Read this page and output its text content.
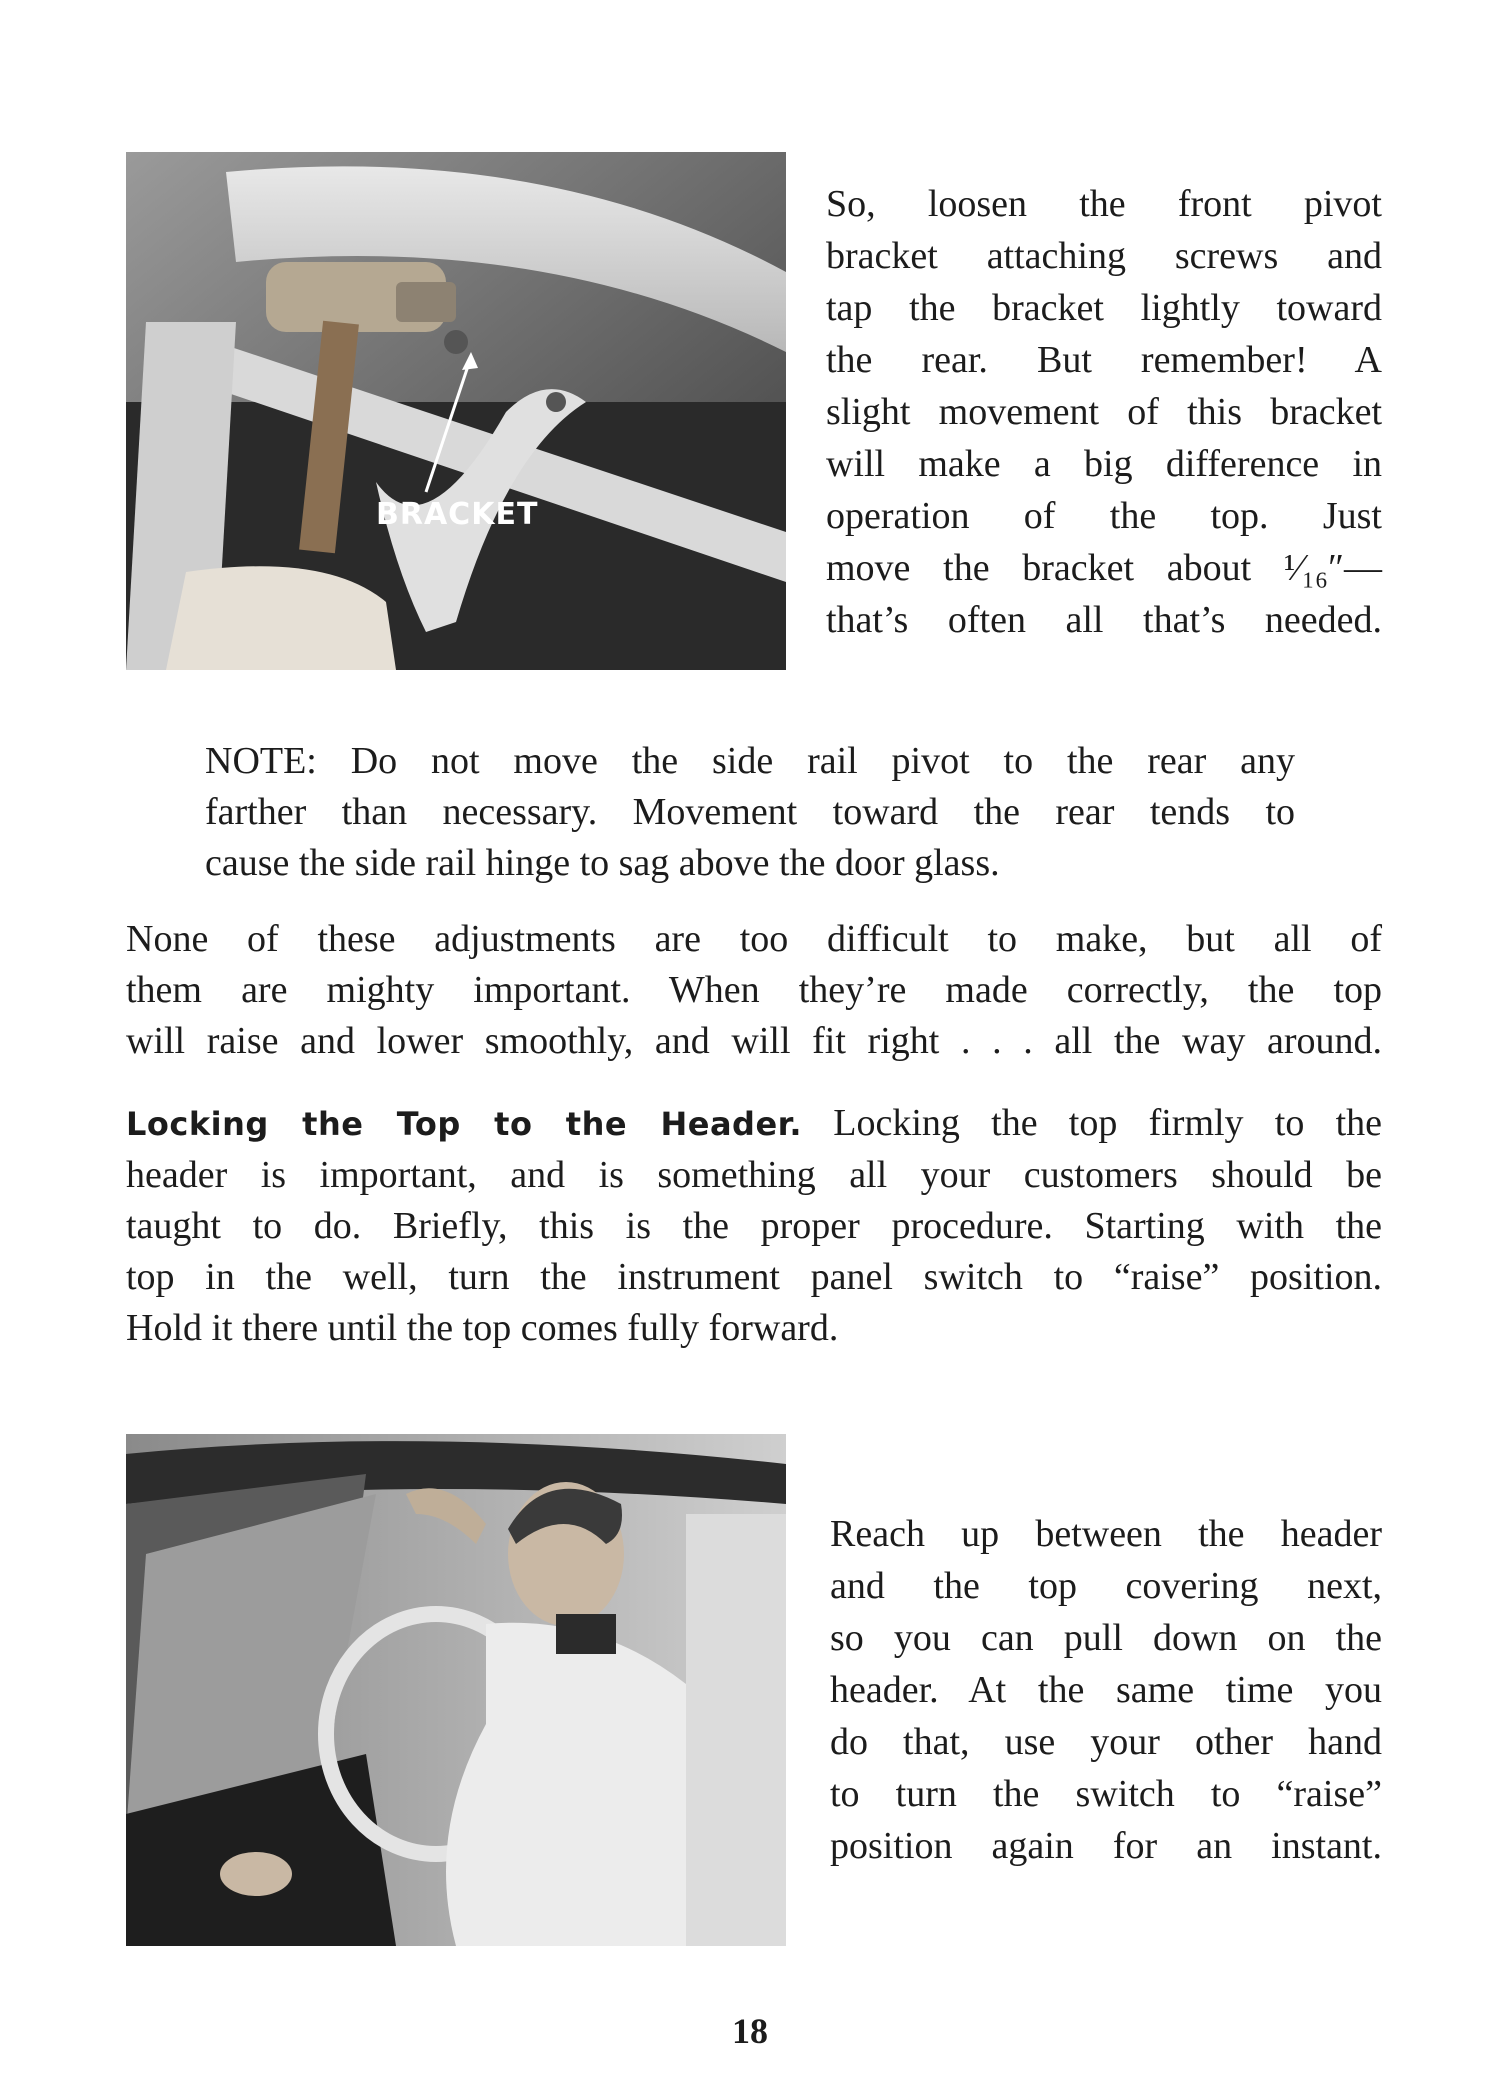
BRACKET
So, loosen the front pivot
bracket attaching screws and
tap the bracket lightly toward
the rear. But remember! A
slight movement of this bracket
will make a big difference in
operation of the top. Just
move the bracket about ¹⁄₁₆″—
that’s often all that’s needed.
NOTE: Do not move the side rail pivot to the rear any
farther than necessary. Movement toward the rear tends to
cause the side rail hinge to sag above the door glass.
None of these adjustments are too difficult to make, but all of
them are mighty important. When they’re made correctly, the top
will raise and lower smoothly, and will fit right . . . all the way around.
Locking the Top to the Header. Locking the top firmly to the
header is important, and is something all your customers should be
taught to do. Briefly, this is the proper procedure. Starting with the
top in the well, turn the instrument panel switch to “raise” position.
Hold it there until the top comes fully forward.
Reach up between the header
and the top covering next,
so you can pull down on the
header. At the same time you
do that, use your other hand
to turn the switch to “raise”
position again for an instant.
18
